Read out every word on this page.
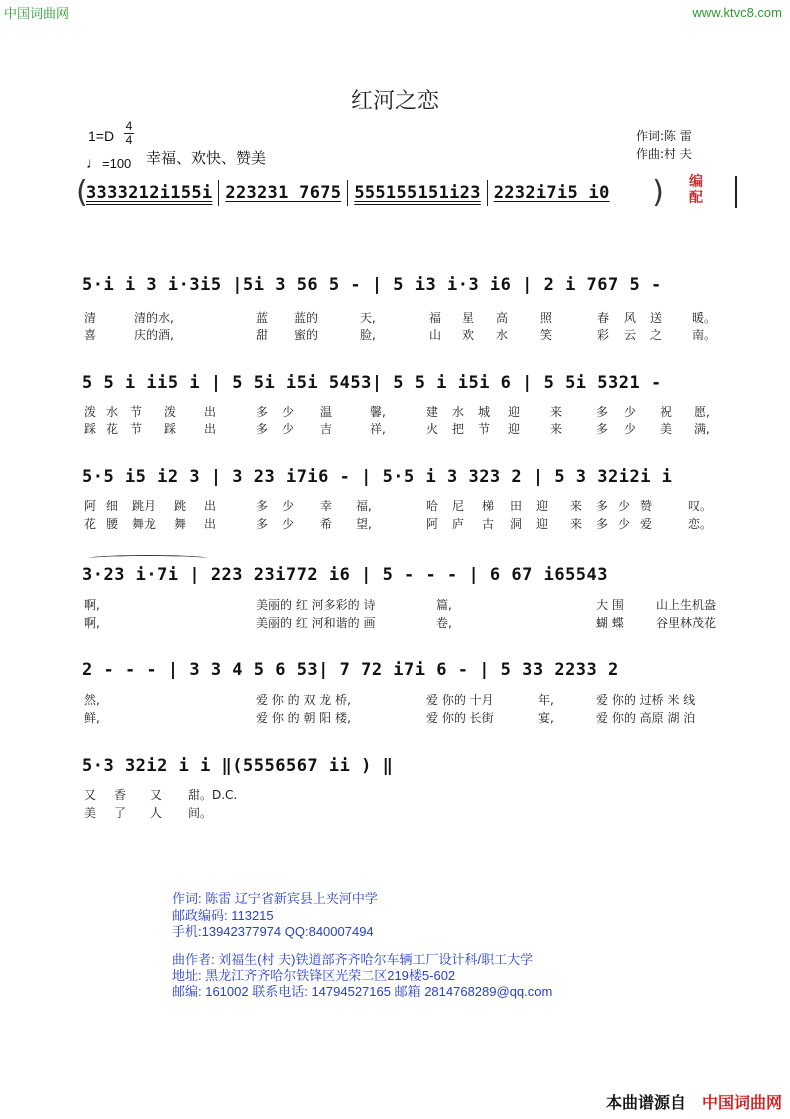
中国词曲网	www.ktvc8.com
红河之恋
1=D
4
4
♩=100 幸福、欢快、赞美
作词:陈 雷
作曲:村 夫
(
3333212i155i 223231 7675 555155151i23 2232i7i5 i0 )	编
配
5·i i 3 i·3i5 |5i 3 56 5 - | 5 i3 i·3 i6 | 2 i 767 5 -
清	清的水,	蓝 蓝的	天,	福 星 高	照	春 风 送 暖。
喜	庆的酒,	甜 蜜的	脸,	山 欢 水	笑	彩 云 之 南。
5 5 i ii5 i | 5 5i i5i 5453| 5 5 i i5i 6 | 5 5i 5321 -
泼 水 节 泼 出	多 少 温	馨,	建 水 城 迎 来	多 少 祝 愿,
踩 花 节 踩 出	多 少 吉	祥,	火 把 节 迎 来	多 少 美 满,
5·5 i5 i2 3 | 3 23 i7i6 - | 5·5 i 3 323 2 | 5 3 32i2i i
阿 细 跳月 跳 出	多 少 幸 福,	哈 尼 梯 田 迎 来 多 少 赞	叹。
花 腰 舞龙 舞 出	多 少 希 望,	阿 庐 古 洞 迎 来 多 少 爱	恋。
3·23 i·7i | 223 23i772 i6 | 5 - - - | 6 67 i65543
啊,	美丽的 红 河多彩的 诗	篇,	大 围	山上生机盎
啊,	美丽的 红 河和谐的 画	卷,	蝴 蝶	谷里林茂花
2 - - - | 3 3 4 5 6 53| 7 72 i7i 6 - | 5 33 2233 2
然,	爱 你 的 双 龙 桥,	爱 你的 十月	年,	爱 你的 过桥 米 线
鲜,	爱 你 的 朝 阳 楼,	爱 你的 长街	宴,	爱 你的 高原 湖 泊
5·3 32i2 i i ‖(5556567 ii ) ‖
又 香 又 甜。D.C.
美 了 人 间。
作词: 陈雷 辽宁省新宾县上夹河中学
邮政编码: 113215
手机:13942377974 QQ:840007494
曲作者: 刘福生(村 夫)铁道部齐齐哈尔车辆工厂设计科/职工大学
地址: 黑龙江齐齐哈尔铁锋区光荣二区219楼5-602
邮编: 161002 联系电话: 14794527165 邮箱 2814768289@qq.com
本曲谱源自 中国词曲网
